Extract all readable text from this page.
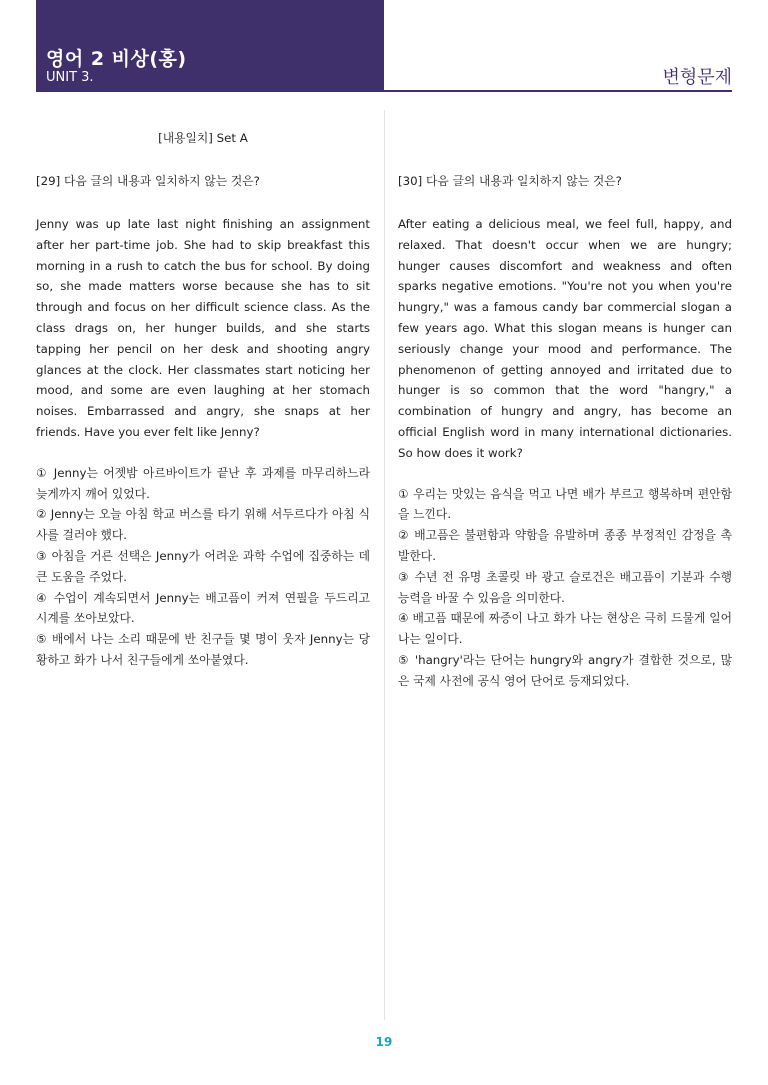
영어 2 비상(홍)
UNIT 3.	변형문제
[내용일치] Set A
[29] 다음 글의 내용과 일치하지 않는 것은?
Jenny was up late last night finishing an assignment after her part-time job. She had to skip breakfast this morning in a rush to catch the bus for school. By doing so, she made matters worse because she has to sit through and focus on her difficult science class. As the class drags on, her hunger builds, and she starts tapping her pencil on her desk and shooting angry glances at the clock. Her classmates start noticing her mood, and some are even laughing at her stomach noises. Embarrassed and angry, she snaps at her friends. Have you ever felt like Jenny?
① Jenny는 어젯밤 아르바이트가 끝난 후 과제를 마무리하느라 늦게까지 깨어 있었다.
② Jenny는 오늘 아침 학교 버스를 타기 위해 서두르다가 아침 식사를 걸러야 했다.
③ 아침을 거른 선택은 Jenny가 어려운 과학 수업에 집중하는 데 큰 도움을 주었다.
④ 수업이 계속되면서 Jenny는 배고픔이 커져 연필을 두드리고 시계를 쏘아보았다.
⑤ 배에서 나는 소리 때문에 반 친구들 몇 명이 웃자 Jenny는 당황하고 화가 나서 친구들에게 쏘아붙였다.
[30] 다음 글의 내용과 일치하지 않는 것은?
After eating a delicious meal, we feel full, happy, and relaxed. That doesn't occur when we are hungry; hunger causes discomfort and weakness and often sparks negative emotions. "You're not you when you're hungry," was a famous candy bar commercial slogan a few years ago. What this slogan means is hunger can seriously change your mood and performance. The phenomenon of getting annoyed and irritated due to hunger is so common that the word "hangry," a combination of hungry and angry, has become an official English word in many international dictionaries. So how does it work?
① 우리는 맛있는 음식을 먹고 나면 배가 부르고 행복하며 편안함을 느낀다.
② 배고픔은 불편함과 약함을 유발하며 종종 부정적인 감정을 촉발한다.
③ 수년 전 유명 초콜릿 바 광고 슬로건은 배고픔이 기분과 수행 능력을 바꿀 수 있음을 의미한다.
④ 배고픔 때문에 짜증이 나고 화가 나는 현상은 극히 드물게 일어나는 일이다.
⑤ 'hangry'라는 단어는 hungry와 angry가 결합한 것으로, 많은 국제 사전에 공식 영어 단어로 등재되었다.
19
